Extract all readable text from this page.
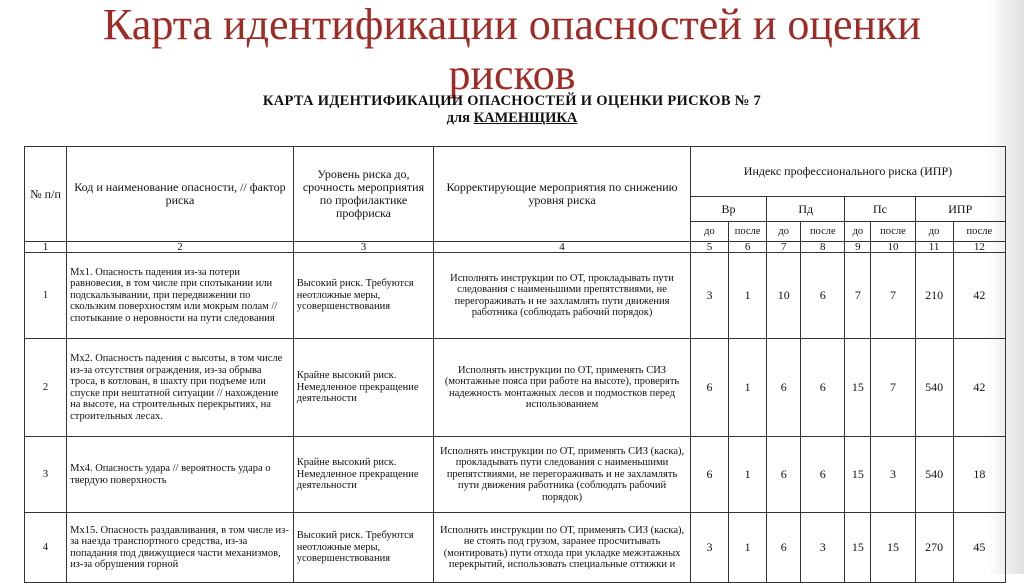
Карта идентификации опасностей и оценки
рисков
КАРТА ИДЕНТИФИКАЦИИ ОПАСНОСТЕЙ И ОЦЕНКИ РИСКОВ № 7
для КАМЕНЩИКА
№ п/п	Код и наименование опасности, // фактор риска	Уровень риска до, срочность мероприятия по профилактике профриска	Корректирующие мероприятия по снижению уровня риска	Индекс профессионального риска (ИПР)							
				Вр		Пд		Пс		ИПР	
				до	после	до	после	до	после	до	после
1	2	3	4	5	6	7	8	9	10	11	12
1	Мх1. Опасность падения из-за потери равновесия, в том числе при спотыкании или подскальзывании, при передвижении по скользким поверхностям или мокрым полам // спотыкание о неровности на пути следования	Высокий риск. Требуются неотложные меры, усовершенствования	Исполнять инструкции по ОТ, прокладывать пути следования с наименьшими препятствиями, не перегораживать и не захламлять пути движения работника (соблюдать рабочий порядок)	3	1	10	6	7	7	210	42
2	Мх2. Опасность падения с высоты, в том числе из-за отсутствия ограждения, из-за обрыва троса, в котлован, в шахту при подъеме или спуске при нештатной ситуации // нахождение на высоте, на строительных перекрытиях, на строительных лесах.	Крайне высокий риск. Немедленное прекращение деятельности	Исполнять инструкции по ОТ, применять СИЗ (монтажные пояса при работе на высоте), проверять надежность монтажных лесов и подмостков перед использованием	6	1	6	6	15	7	540	42
3	Мх4. Опасность удара // вероятность удара о твердую поверхность	Крайне высокий риск. Немедленное прекращение деятельности	Исполнять инструкции по ОТ, применять СИЗ (каска), прокладывать пути следования с наименьшими препятствиями, не перегораживать и не захламлять пути движения работника (соблюдать рабочий порядок)	6	1	6	6	15	3	540	18
4	Мх15. Опасность раздавливания, в том числе из-за наезда транспортного средства, из-за попадания под движущиеся части механизмов, из-за обрушения горной	Высокий риск. Требуются неотложные меры, усовершенствования	Исполнять инструкции по ОТ, применять СИЗ (каска), не стоять под грузом, заранее просчитывать (монтировать) пути отхода при укладке межэтажных перекрытий, использовать специальные оттяжки и	3	1	6	3	15	15	270	45
